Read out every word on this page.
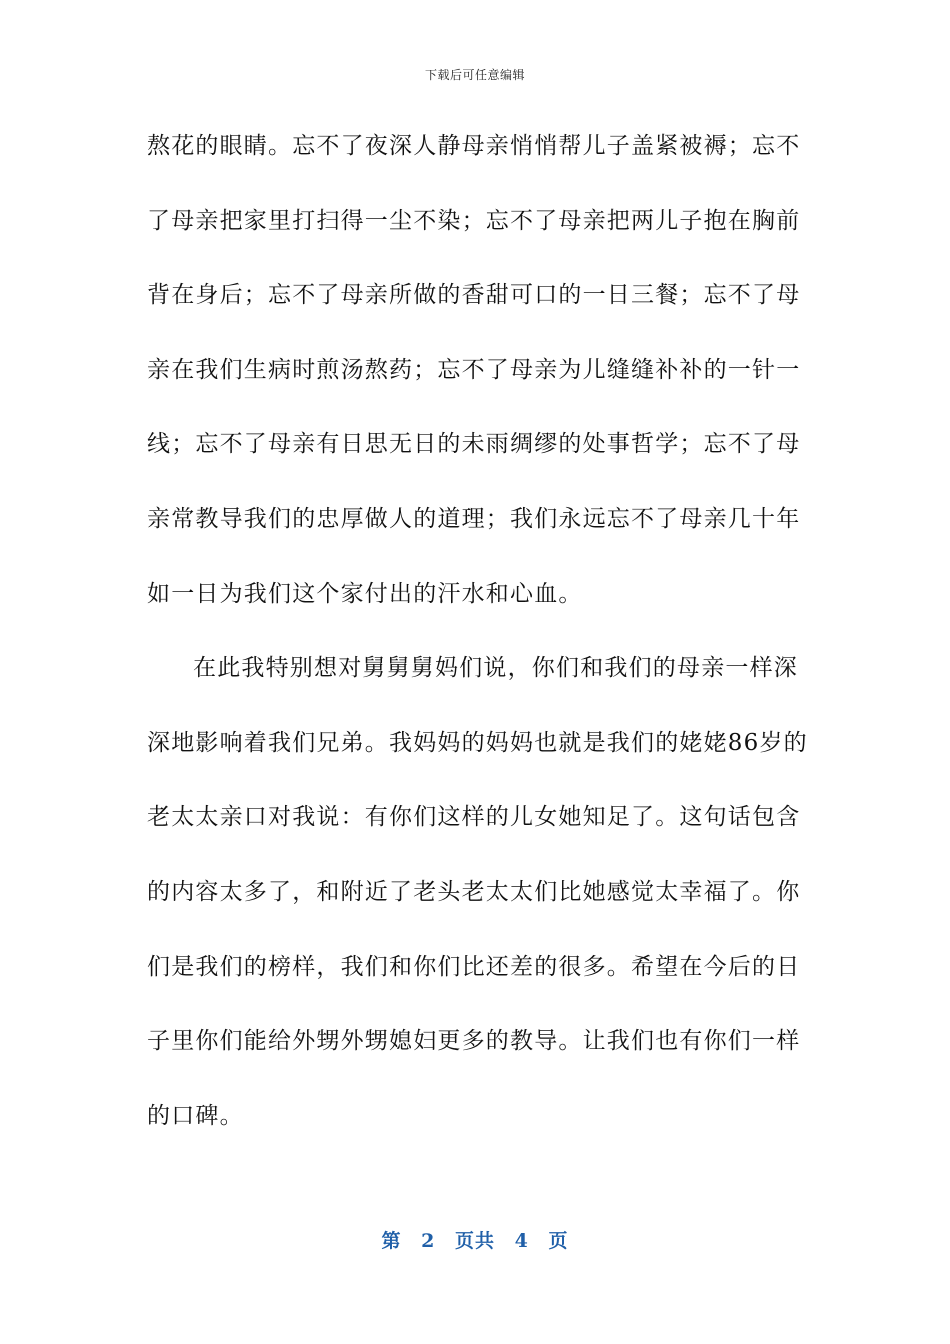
下载后可任意编辑
熬花的眼睛。忘不了夜深人静母亲悄悄帮儿子盖紧被褥；忘不
了母亲把家里打扫得一尘不染；忘不了母亲把两儿子抱在胸前
背在身后；忘不了母亲所做的香甜可口的一日三餐；忘不了母
亲在我们生病时煎汤熬药；忘不了母亲为儿缝缝补补的一针一
线；忘不了母亲有日思无日的未雨绸缪的处事哲学；忘不了母
亲常教导我们的忠厚做人的道理；我们永远忘不了母亲几十年
如一日为我们这个家付出的汗水和心血。
在此我特别想对舅舅舅妈们说，你们和我们的母亲一样深
深地影响着我们兄弟。我妈妈的妈妈也就是我们的姥姥86岁的
老太太亲口对我说：有你们这样的儿女她知足了。这句话包含
的内容太多了，和附近了老头老太太们比她感觉太幸福了。你
们是我们的榜样，我们和你们比还差的很多。希望在今后的日
子里你们能给外甥外甥媳妇更多的教导。让我们也有你们一样
的口碑。
第 2 页共 4 页
